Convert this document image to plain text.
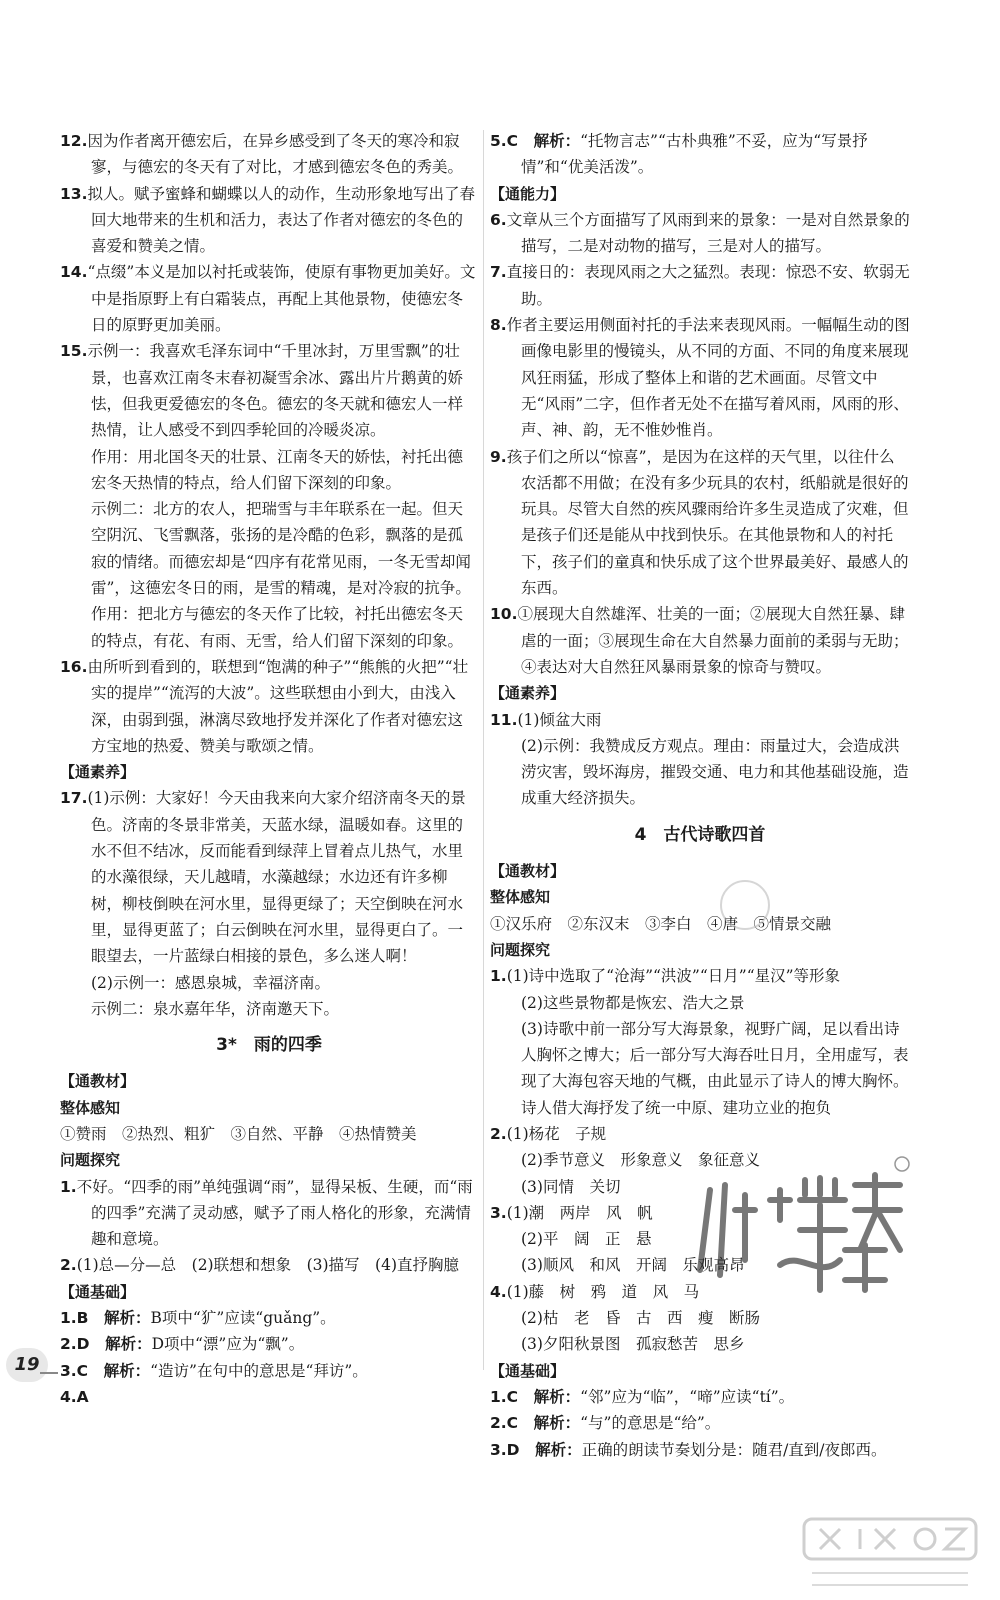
12.因为作者离开德宏后，在异乡感受到了冬天的寒冷和寂寥，与德宏的冬天有了对比，才感到德宏冬色的秀美。

13.拟人。赋予蜜蜂和蝴蝶以人的动作，生动形象地写出了春回大地带来的生机和活力，表达了作者对德宏的冬色的喜爱和赞美之情。

14.“点缀”本义是加以衬托或装饰，使原有事物更加美好。文中是指原野上有白霜装点，再配上其他景物，使德宏冬日的原野更加美丽。

15.示例一：我喜欢毛泽东词中“千里冰封，万里雪飘”的壮景，也喜欢江南冬末春初凝雪余冰、露出片片鹅黄的娇怯，但我更爱德宏的冬色。德宏的冬天就和德宏人一样热情，让人感受不到四季轮回的冷暖炎凉。

作用：用北国冬天的壮景、江南冬天的娇怯，衬托出德宏冬天热情的特点，给人们留下深刻的印象。

示例二：北方的农人，把瑞雪与丰年联系在一起。但天空阴沉、飞雪飘落，张扬的是冷酷的色彩，飘落的是孤寂的情绪。而德宏却是“四序有花常见雨，一冬无雪却闻雷”，这德宏冬日的雨，是雪的精魂，是对冷寂的抗争。

作用：把北方与德宏的冬天作了比较，衬托出德宏冬天的特点，有花、有雨、无雪，给人们留下深刻的印象。

16.由所听到看到的，联想到“饱满的种子”“熊熊的火把”“壮实的提岸”“流泻的大波”。这些联想由小到大，由浅入深，由弱到强，淋漓尽致地抒发并深化了作者对德宏这方宝地的热爱、赞美与歌颂之情。

【通素养】

17.(1)示例：大家好！今天由我来向大家介绍济南冬天的景色。济南的冬景非常美，天蓝水绿，温暖如春。这里的水不但不结冰，反而能看到绿萍上冒着点儿热气，水里的水藻很绿，天儿越晴，水藻越绿；水边还有许多柳树，柳枝倒映在河水里，显得更绿了；天空倒映在河水里，显得更蓝了；白云倒映在河水里，显得更白了。一眼望去，一片蓝绿白相接的景色，多么迷人啊！

(2)示例一：感恩泉城，幸福济南。

示例二：泉水嘉年华，济南邀天下。

3*　雨的四季

【通教材】

整体感知

①赞雨　②热烈、粗犷　③自然、平静　④热情赞美

问题探究

1.不好。“四季的雨”单纯强调“雨”，显得呆板、生硬，而“雨的四季”充满了灵动感，赋予了雨人格化的形象，充满情趣和意境。

2.(1)总—分—总　(2)联想和想象　(3)描写　(4)直抒胸臆

【通基础】

1.B　 解析：B项中“犷”应读“guǎng”。

2.D　 解析：D项中“漂”应为“飘”。

3.C　 解析：“造访”在句中的意思是“拜访”。

4.A

5.C　 解析：“托物言志”“古朴典雅”不妥，应为“写景抒情”和“优美活泼”。

【通能力】

6.文章从三个方面描写了风雨到来的景象：一是对自然景象的描写，二是对动物的描写，三是对人的描写。

7.直接日的：表现风雨之大之猛烈。表现：惊恐不安、软弱无助。

8.作者主要运用侧面衬托的手法来表现风雨。一幅幅生动的图画像电影里的慢镜头，从不同的方面、不同的角度来展现风狂雨猛，形成了整体上和谐的艺术画面。尽管文中无“风雨”二字，但作者无处不在描写着风雨，风雨的形、声、神、韵，无不惟妙惟肖。

9.孩子们之所以“惊喜”，是因为在这样的天气里，以往什么农活都不用做；在没有多少玩具的农村，纸船就是很好的玩具。尽管大自然的疾风骤雨给许多生灵造成了灾难，但是孩子们还是能从中找到快乐。在其他景物和人的衬托下，孩子们的童真和快乐成了这个世界最美好、最感人的东西。

10.①展现大自然雄浑、壮美的一面；②展现大自然狂暴、肆虐的一面；③展现生命在大自然暴力面前的柔弱与无助；④表达对大自然狂风暴雨景象的惊奇与赞叹。

【通素养】

11.(1)倾盆大雨

(2)示例：我赞成反方观点。理由：雨量过大，会造成洪涝灾害，毁坏海房，摧毁交通、电力和其他基础设施，造成重大经济损失。

4　古代诗歌四首

【通教材】

整体感知

①汉乐府　②东汉末　③李白　④唐　⑤情景交融

问题探究

1.(1)诗中选取了“沧海”“洪波”“日月”“星汉”等形象

(2)这些景物都是恢宏、浩大之景

(3)诗歌中前一部分写大海景象，视野广阔，足以看出诗人胸怀之博大；后一部分写大海吞吐日月，全用虚写，表现了大海包容天地的气概，由此显示了诗人的博大胸怀。诗人借大海抒发了统一中原、建功立业的抱负

2.(1)杨花　子规

(2)季节意义　形象意义　象征意义

(3)同情　关切

3.(1)潮　两岸　风　帆

(2)平　阔　正　悬

(3)顺风　和风　开阔　乐观高昂

4.(1)藤　树　鸦　道　风　马

(2)枯　老　昏　古　西　瘦　断肠

(3)夕阳秋景图　孤寂愁苦　思乡

【通基础】

1.C　 解析：“邻”应为“临”，“啼”应读“tí”。

2.C　 解析：“与”的意思是“给”。

3.D　 解析：正确的朗读节奏划分是：随君/直到/夜郎西。

19
